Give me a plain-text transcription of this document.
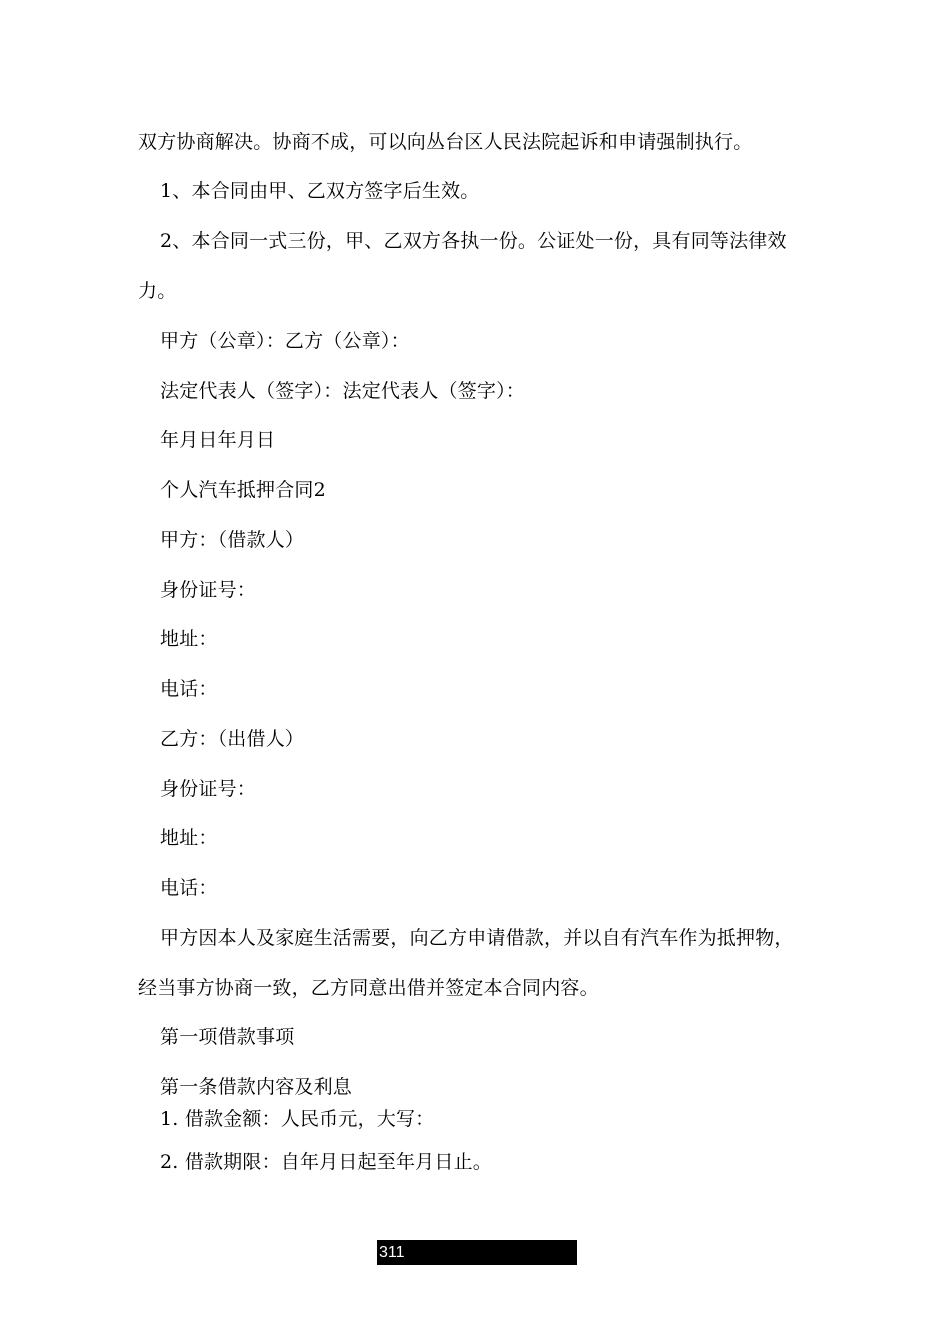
双方协商解决。协商不成，可以向丛台区人民法院起诉和申请强制执行。
1、本合同由甲、乙双方签字后生效。
2、本合同一式三份，甲、乙双方各执一份。公证处一份，具有同等法律效
力。
甲方（公章）：乙方（公章）：
法定代表人（签字）：法定代表人（签字）：
年月日年月日
个人汽车抵押合同2
甲方：（借款人）
身份证号：
地址：
电话：
乙方：（出借人）
身份证号：
地址：
电话：
甲方因本人及家庭生活需要，向乙方申请借款，并以自有汽车作为抵押物，
经当事方协商一致，乙方同意出借并签定本合同内容。
第一项借款事项
第一条借款内容及利息
1. 借款金额：人民币元，大写：
2. 借款期限：自年月日起至年月日止。
311
